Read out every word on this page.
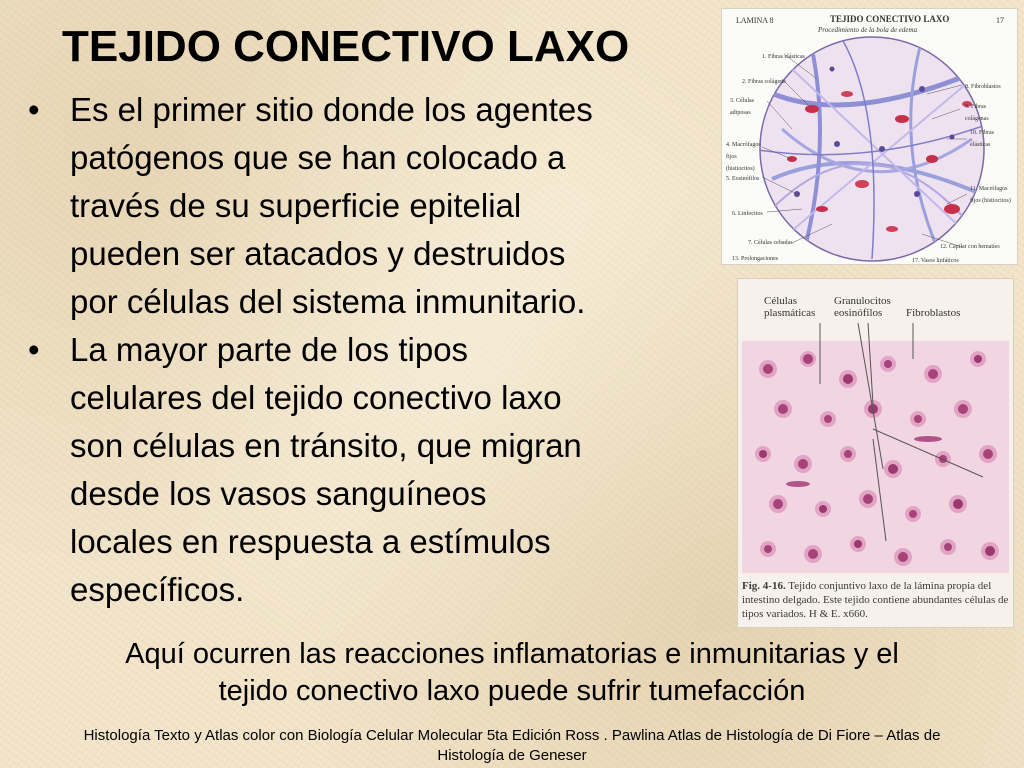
TEJIDO CONECTIVO LAXO
• Es el primer sitio donde los agentes
patógenos que se han colocado a
través de su superficie epitelial
pueden ser atacados y destruidos
por células del sistema inmunitario.
• La mayor parte de los tipos
celulares del tejido conectivo laxo
son células en tránsito, que migran
desde los vasos sanguíneos
locales en respuesta a estímulos
específicos.
LAMINA 8	TEJIDO CONECTIVO LAXO
Procedimiento de la bola de edema
17
1. Fibras elásticas
2. Fibras colágena
3. Células adiposas
4. Macrófagos fijos (histiocitos)
5. Eosinófilos
6. Linfocitos
7. Células cebadas
13. Prolongaciones
8. Fibroblastos
9. Fibras colágenas
10. Fibras elásticas
11. Macrófagos fijos (histiocitos)
12. Capilar con hematíes
17. Vasos linfáticos
Células plasmáticas
Granulocitos eosinófilos	Fibroblastos
Fig. 4-16. Tejido conjuntivo laxo de la lámina propia del intestino delgado. Este tejido contiene abundantes células de tipos variados. H & E. x660.
Aquí ocurren las reacciones inflamatorias e inmunitarias y el
tejido conectivo laxo puede sufrir tumefacción
Histología Texto y Atlas color con Biología Celular Molecular 5ta Edición Ross . Pawlina Atlas de Histología de Di Fiore – Atlas de
Histología de Geneser
